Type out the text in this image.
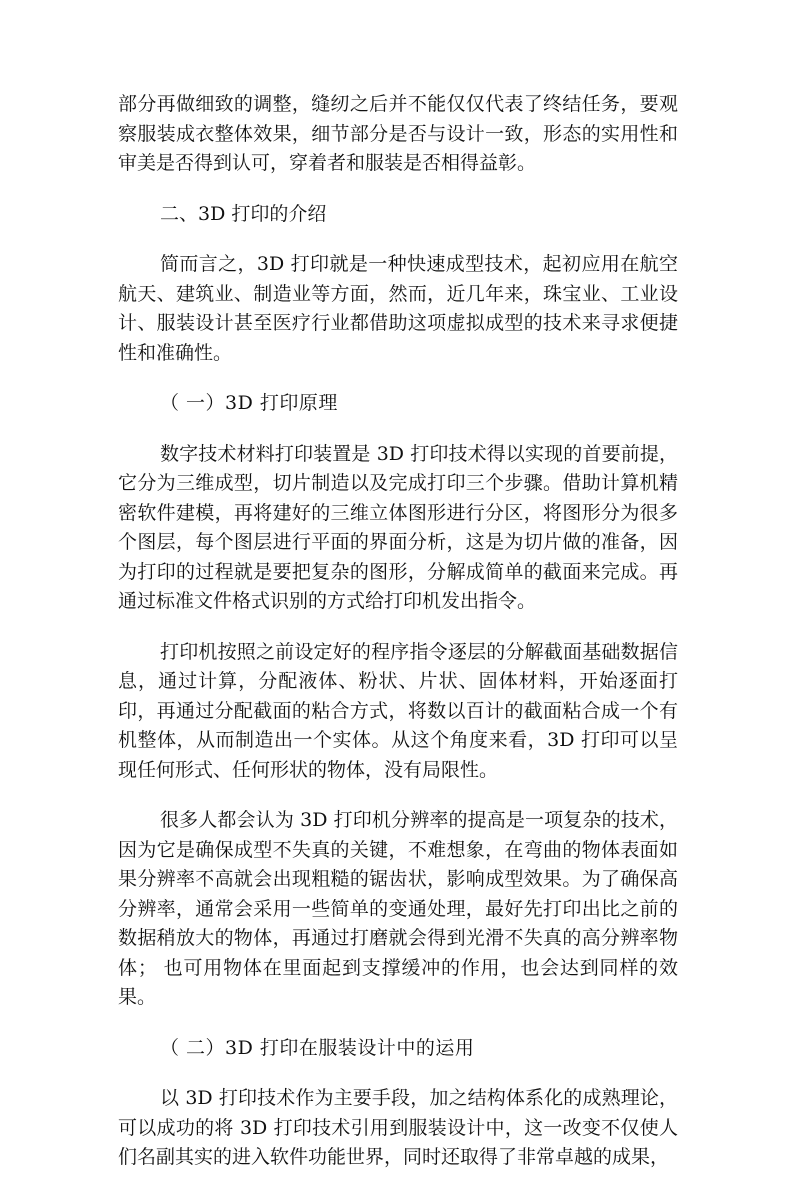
部分再做细致的调整，缝纫之后并不能仅仅代表了终结任务，要观察服装成衣整体效果，细节部分是否与设计一致，形态的实用性和审美是否得到认可，穿着者和服装是否相得益彰。

二、3D 打印的介绍

简而言之，3D 打印就是一种快速成型技术，起初应用在航空航天、建筑业、制造业等方面，然而，近几年来，珠宝业、工业设计、服装设计甚至医疗行业都借助这项虚拟成型的技术来寻求便捷性和准确性。

（ 一）3D 打印原理

数字技术材料打印装置是 3D 打印技术得以实现的首要前提，它分为三维成型，切片制造以及完成打印三个步骤。借助计算机精密软件建模，再将建好的三维立体图形进行分区，将图形分为很多个图层，每个图层进行平面的界面分析，这是为切片做的准备，因为打印的过程就是要把复杂的图形，分解成简单的截面来完成。再通过标准文件格式识别的方式给打印机发出指令。

打印机按照之前设定好的程序指令逐层的分解截面基础数据信息，通过计算，分配液体、粉状、片状、固体材料，开始逐面打印，再通过分配截面的粘合方式，将数以百计的截面粘合成一个有机整体，从而制造出一个实体。从这个角度来看，3D 打印可以呈现任何形式、任何形状的物体，没有局限性。

很多人都会认为 3D 打印机分辨率的提高是一项复杂的技术，因为它是确保成型不失真的关键，不难想象，在弯曲的物体表面如果分辨率不高就会出现粗糙的锯齿状，影响成型效果。为了确保高分辨率，通常会采用一些简单的变通处理，最好先打印出比之前的数据稍放大的物体，再通过打磨就会得到光滑不失真的高分辨率物体； 也可用物体在里面起到支撑缓冲的作用，也会达到同样的效果。

（ 二）3D 打印在服装设计中的运用

以 3D 打印技术作为主要手段，加之结构体系化的成熟理论，可以成功的将 3D 打印技术引用到服装设计中，这一改变不仅使人们名副其实的进入软件功能世界，同时还取得了非常卓越的成果，
